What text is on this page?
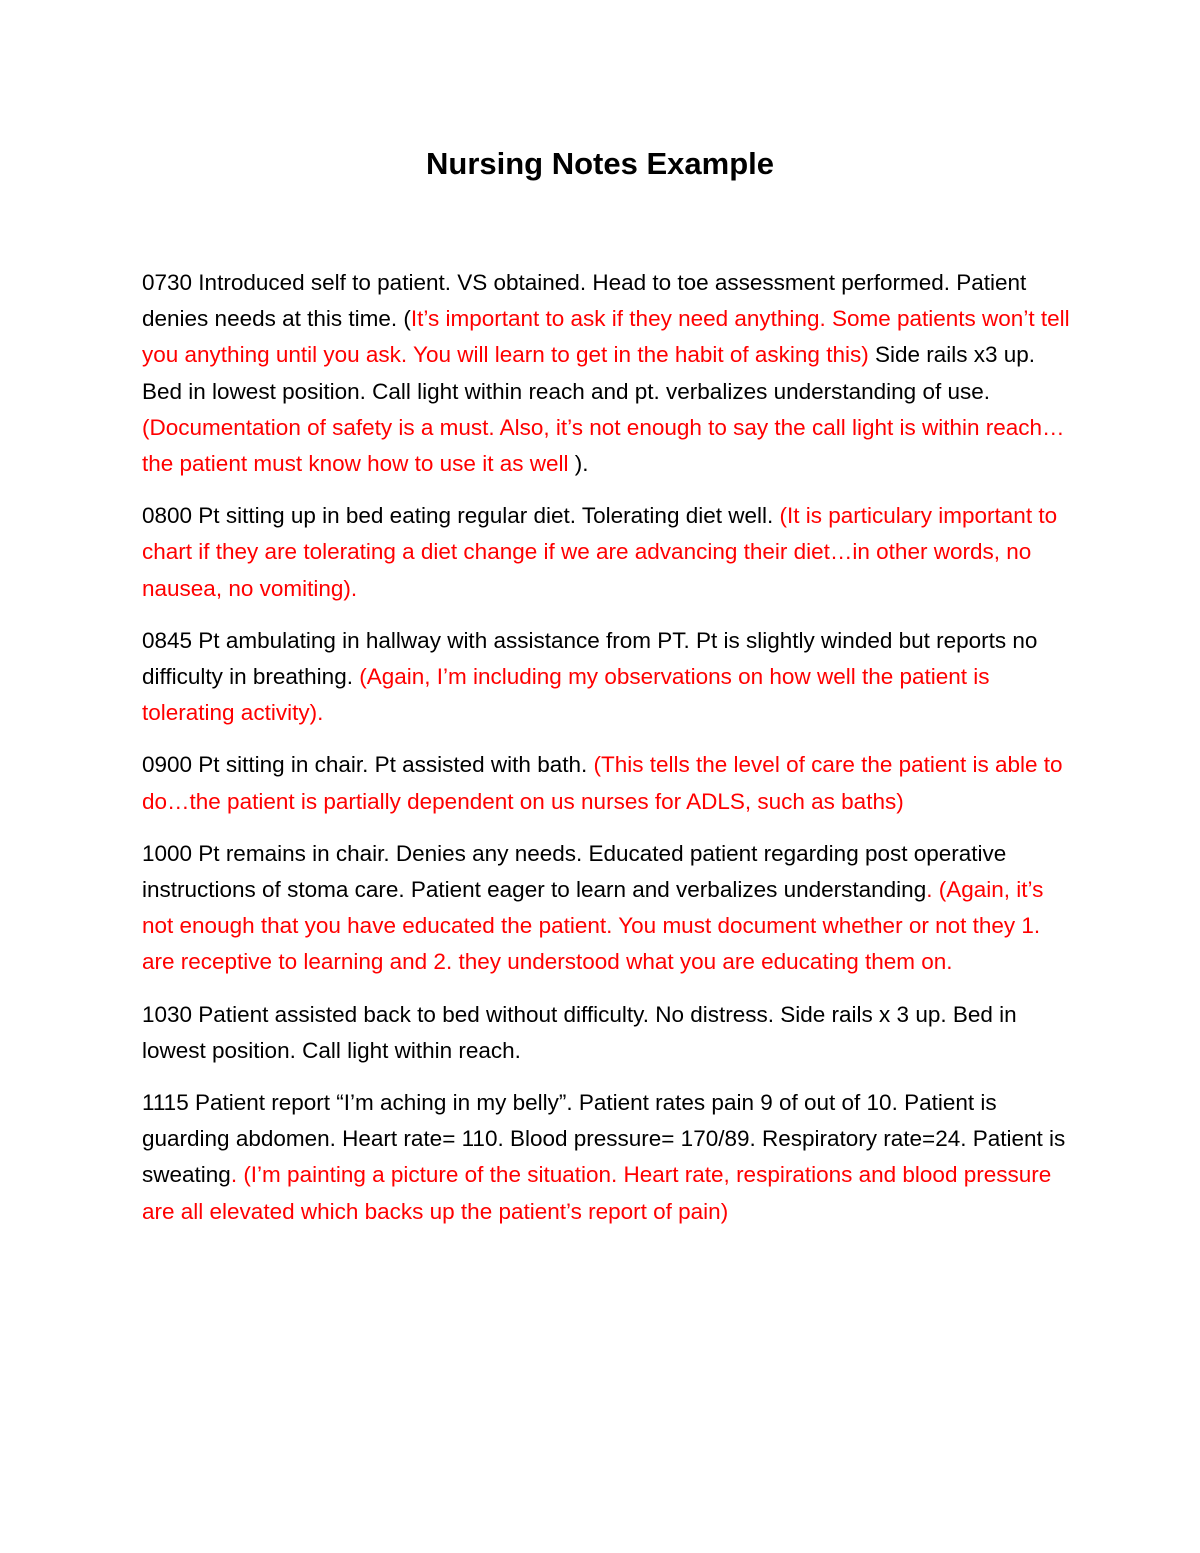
Nursing Notes Example

0730 Introduced self to patient. VS obtained. Head to toe assessment performed. Patient denies needs at this time. (It’s important to ask if they need anything. Some patients won’t tell you anything until you ask. You will learn to get in the habit of asking this) Side rails x3 up. Bed in lowest position. Call light within reach and pt. verbalizes understanding of use. (Documentation of safety is a must. Also, it’s not enough to say the call light is within reach…the patient must know how to use it as well ).

0800 Pt sitting up in bed eating regular diet. Tolerating diet well. (It is particulary important to chart if they are tolerating a diet change if we are advancing their diet…in other words, no nausea, no vomiting).

0845 Pt ambulating in hallway with assistance from PT. Pt is slightly winded but reports no difficulty in breathing. (Again, I’m including my observations on how well the patient is tolerating activity).

0900 Pt sitting in chair. Pt assisted with bath. (This tells the level of care the patient is able to do…the patient is partially dependent on us nurses for ADLS, such as baths)

1000 Pt remains in chair. Denies any needs. Educated patient regarding post operative instructions of stoma care. Patient eager to learn and verbalizes understanding. (Again, it’s not enough that you have educated the patient. You must document whether or not they 1. are receptive to learning and 2. they understood what you are educating them on.

1030 Patient assisted back to bed without difficulty. No distress. Side rails x 3 up. Bed in lowest position. Call light within reach.

1115 Patient report “I’m aching in my belly”. Patient rates pain 9 of out of 10. Patient is guarding abdomen. Heart rate= 110. Blood pressure= 170/89. Respiratory rate=24. Patient is sweating. (I’m painting a picture of the situation. Heart rate, respirations and blood pressure are all elevated which backs up the patient’s report of pain)
